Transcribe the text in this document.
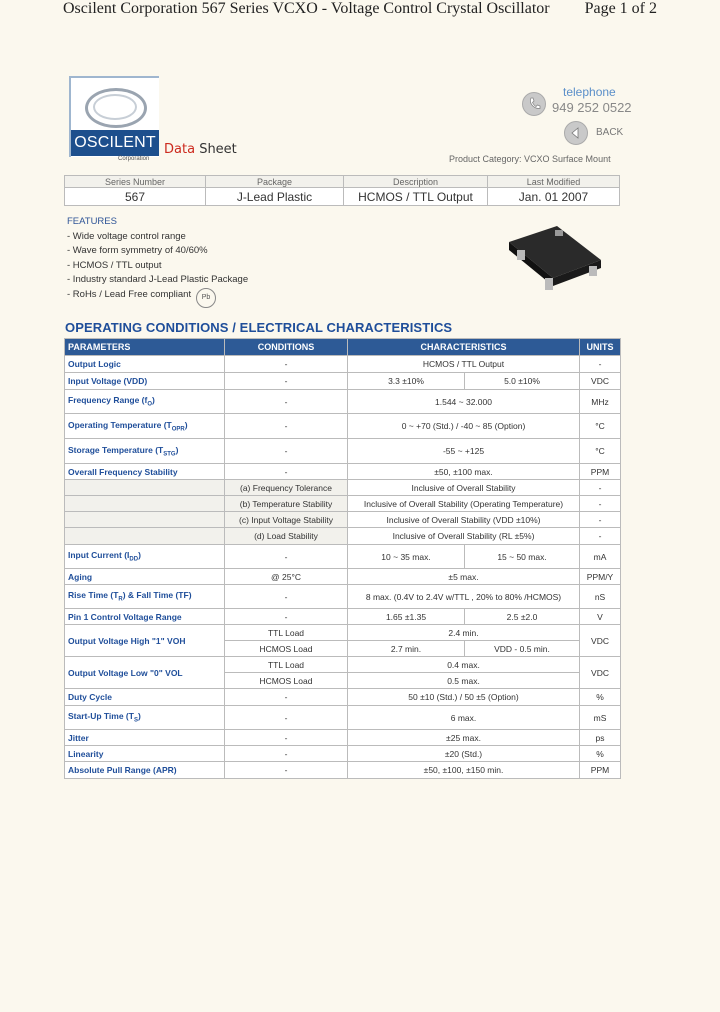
Oscilent Corporation 567 Series VCXO - Voltage Control Crystal Oscillator Page 1 of 2
OSCILENT
Corporation
Data Sheet
telephone
949 252 0522
BACK
Product Category: VCXO Surface Mount
Series Number	Package	Description	Last Modified
567	J-Lead Plastic	HCMOS / TTL Output	Jan. 01 2007
FEATURES
- Wide voltage control range
- Wave form symmetry of 40/60%
- HCMOS / TTL output
- Industry standard J-Lead Plastic Package
- RoHs / Lead Free compliant	Pb
OPERATING CONDITIONS / ELECTRICAL CHARACTERISTICS
PARAMETERS	CONDITIONS	CHARACTERISTICS		UNITS
Output Logic	-	HCMOS / TTL Output		-
Input Voltage (VDD)	-	3.3 ±10%	5.0 ±10%	VDC
Frequency Range $(f_O)$	-	1.544 ~ 32.000		MHz
Operating Temperature $(T_{OPR})$	-	0 ~ +70 (Std.) / -40 ~ 85 (Option)		°C
Storage Temperature $(T_{STG})$	-	-55 ~ +125		°C
Overall Frequency Stability	-	±50, ±100 max.		PPM
	(a) Frequency Tolerance	Inclusive of Overall Stability		-
	(b) Temperature Stability	Inclusive of Overall Stability (Operating Temperature)		-
	(c) Input Voltage Stability	Inclusive of Overall Stability (VDD ±10%)		-
	(d) Load Stability	Inclusive of Overall Stability (RL ±5%)		-
Input Current $(I_{DD})$	-	10 ~ 35 max.	15 ~ 50 max.	mA
Aging	@ 25°C	±5 max.		PPM/Y
Rise Time $(T_R)$ & Fall Time (TF)	-	8 max. (0.4V to 2.4V w/TTL , 20% to 80% /HCMOS)		nS
Pin 1 Control Voltage Range	-	1.65 ±1.35	2.5 ±2.0	V
Output Voltage High "1" VOH	TTL Load	2.4 min.		VDC
	HCMOS Load	2.7 min.	VDD - 0.5 min.	
Output Voltage Low "0" VOL	TTL Load	0.4 max.		VDC
	HCMOS Load	0.5 max.		
Duty Cycle	-	50 ±10 (Std.) / 50 ±5 (Option)		%
Start-Up Time $(T_S)$	-	6 max.		mS
Jitter	-	±25 max.		ps
Linearity	-	±20 (Std.)		%
Absolute Pull Range (APR)	-	±50, ±100, ±150 min.		PPM
